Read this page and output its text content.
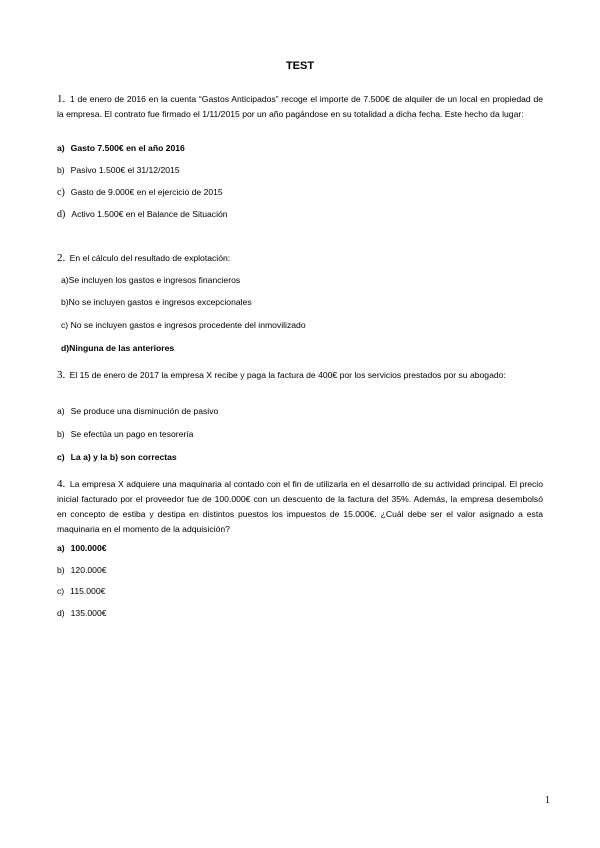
TEST
1. 1 de enero de 2016 en la cuenta “Gastos Anticipados” recoge el importe de 7.500€ de alquiler de un local en propiedad de la empresa. El contrato fue firmado el 1/11/2015 por un año pagándose en su totalidad a dicha fecha. Este hecho da lugar:
a) Gasto 7.500€ en el año 2016
b) Pasivo 1.500€ el 31/12/2015
c) Gasto de 9.000€ en el ejercicio de 2015
d) Activo 1.500€ en el Balance de Situación
2. En el cálculo del resultado de explotación:
a)Se incluyen los gastos e ingresos financieros
b)No se incluyen gastos e ingresos excepcionales
c) No se incluyen gastos e ingresos procedente del inmovilizado
d)Ninguna de las anteriores
3. El 15 de enero de 2017 la empresa X recibe y paga la factura de 400€ por los servicios prestados por su abogado:
a) Se produce una disminución de pasivo
b) Se efectúa un pago en tesorería
c) La a) y la b) son correctas
4. La empresa X adquiere una maquinaria al contado con el fin de utilizarla en el desarrollo de su actividad principal. El precio inicial facturado por el proveedor fue de 100.000€ con un descuento de la factura del 35%. Además, la empresa desembolsó en concepto de estiba y destipa en distintos puestos los impuestos de 15.000€. ¿Cuál debe ser el valor asignado a esta maquinaria en el momento de la adquisición?
a) 100.000€
b) 120.000€
c) 115.000€
d) 135.000€
1
